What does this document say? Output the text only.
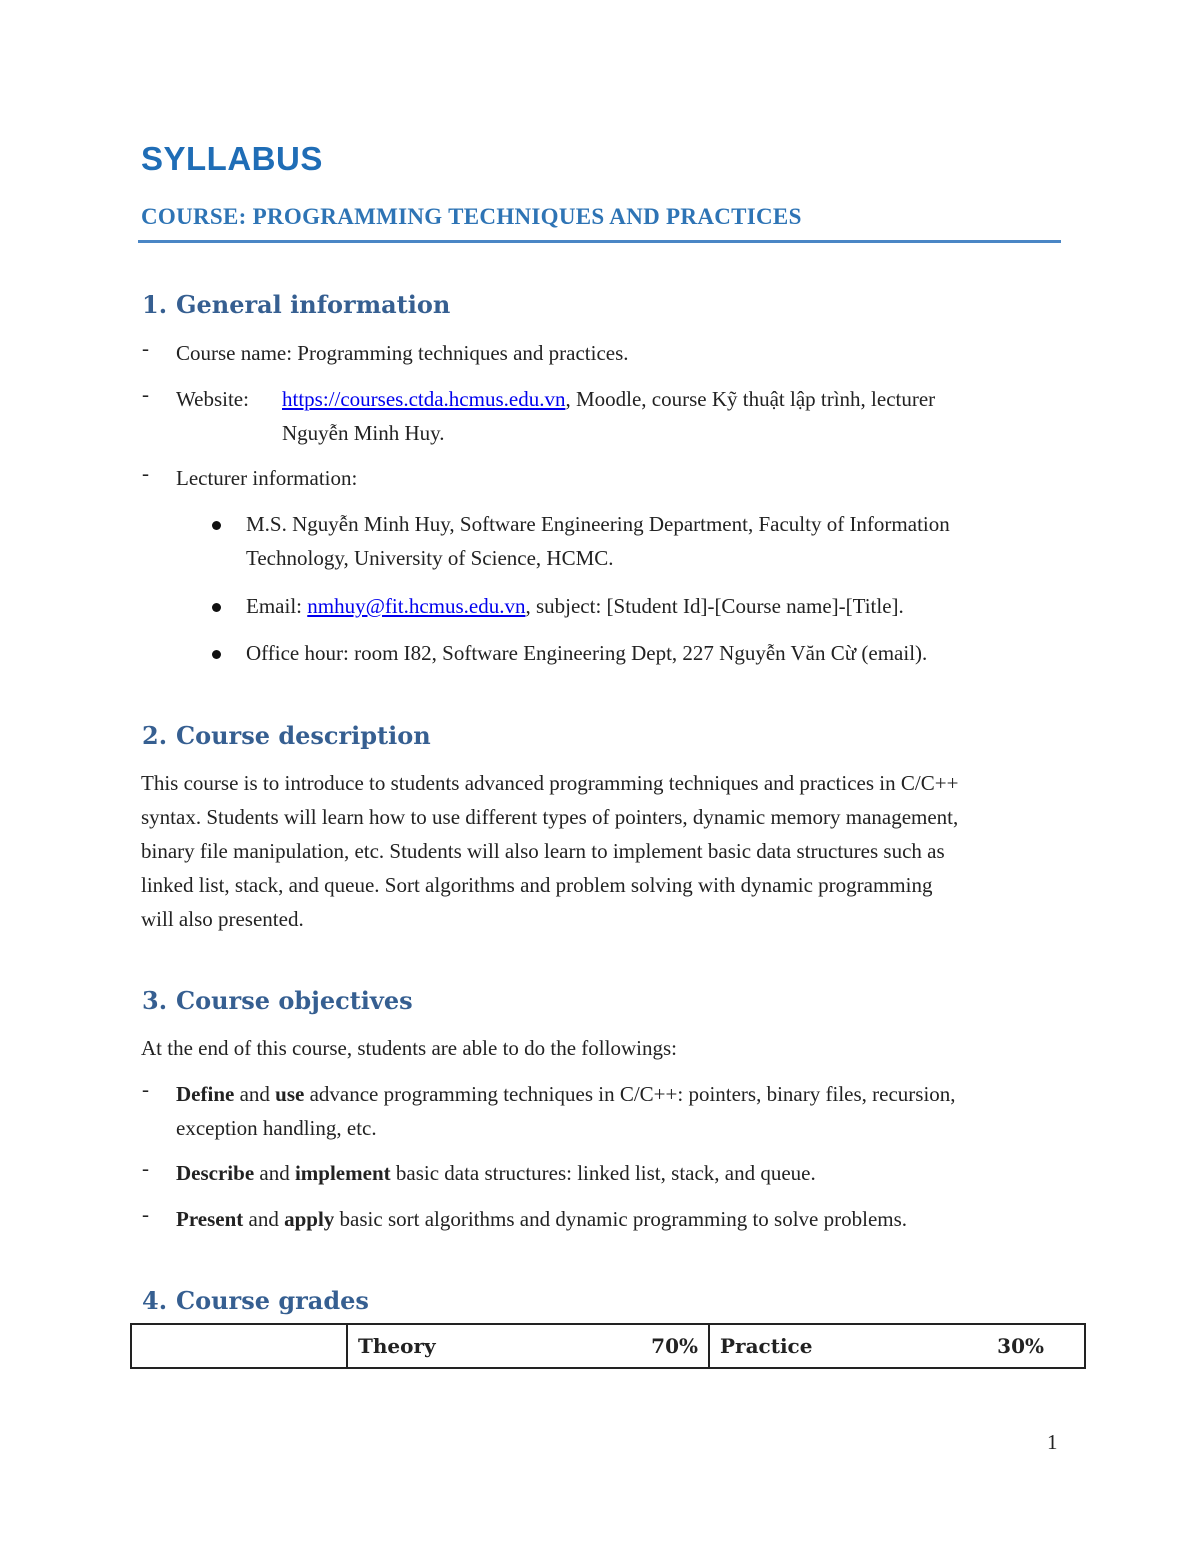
SYLLABUS
COURSE: PROGRAMMING TECHNIQUES AND PRACTICES
1. General information
- Course name: Programming techniques and practices.
- Website: https://courses.ctda.hcmus.edu.vn, Moodle, course Kỹ thuật lập trình, lecturer
Nguyễn Minh Huy.
- Lecturer information:
M.S. Nguyễn Minh Huy, Software Engineering Department, Faculty of Information
Technology, University of Science, HCMC.
Email: nmhuy@fit.hcmus.edu.vn, subject: [Student Id]-[Course name]-[Title].
Office hour: room I82, Software Engineering Dept, 227 Nguyễn Văn Cừ (email).
2. Course description
This course is to introduce to students advanced programming techniques and practices in C/C++
syntax. Students will learn how to use different types of pointers, dynamic memory management,
binary file manipulation, etc. Students will also learn to implement basic data structures such as
linked list, stack, and queue. Sort algorithms and problem solving with dynamic programming
will also presented.
3. Course objectives
At the end of this course, students are able to do the followings:
- Define and use advance programming techniques in C/C++: pointers, binary files, recursion,
exception handling, etc.
- Describe and implement basic data structures: linked list, stack, and queue.
- Present and apply basic sort algorithms and dynamic programming to solve problems.
4. Course grades
	Theory	70%	Practice	30%
1
